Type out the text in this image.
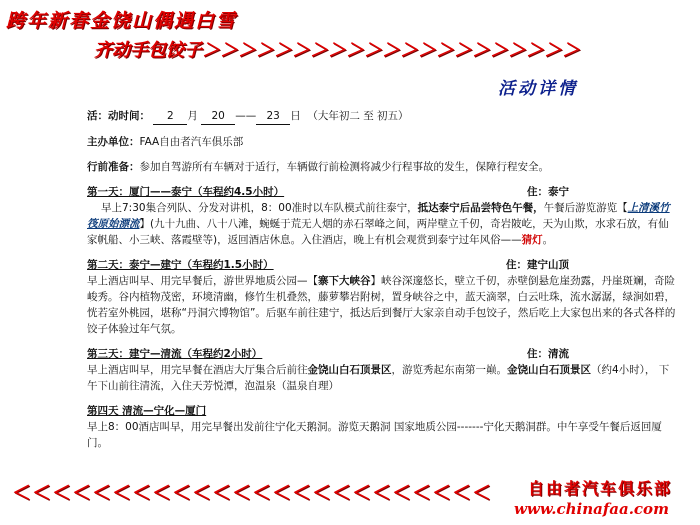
跨年新春金饶山偶遇白雪
齐动手包饺子＞＞＞＞＞＞＞＞＞＞＞＞＞＞＞＞＞＞＞＞＞
活动详情
活：动时间： 2 月 20 —— 23 日 （大年初二 至 初五）
主办单位：FAA自由者汽车俱乐部
行前准备：参加自驾游所有车辆对于适行，车辆做行前检测将减少行程事故的发生，保障行程安全。
第一天：厦门——泰宁（车程约4.5小时）	住：泰宁
早上7:30集合列队、分发对讲机，8：00准时以车队模式前往泰宁，抵达泰宁后品尝特色午餐，午餐后游览游览【上清溪竹筏原始漂流】(九十九曲、八十八滩，蜿蜒于荒无人烟的赤石翠峰之间，两岸壁立千仞，奇岩陂屹，天为山欺，水求石放，有仙家帆船、小三峡、落霞壁等)，返回酒店休息。入住酒店，晚上有机会观赏到泰宁过年风俗——猜灯。
第二天：泰宁—建宁（车程约1.5小时）	住：建宁山顶
早上酒店叫早、用完早餐后，游世界地质公园—【寨下大峡谷】峡谷深邃悠长，壁立千仞，赤壁倒悬危崖劲露，丹崖斑斓，奇险峻秀。谷内植物茂密，环境清幽，修竹生机叠然，藤萝攀岩附树，置身峡谷之中，蓝天滴翠，白云吐珠，流水潺潺，绿涧如碧，恍若室外桃园，堪称“丹洞穴博物馆”。后驱车前往建宁，抵达后到餐厅大家亲自动手包饺子，然后吃上大家包出来的各式各样的饺子体验过年气氛。
第三天：建宁—清流（车程约2小时）	住：清流
早上酒店叫早，用完早餐在酒店大厅集合后前往金饶山白石顶景区，游览秀起东南第一巅。金饶山白石顶景区（约4小时）， 下午下山前往清流，入住天芳悦潭，泡温泉（温泉自理）
第四天 清流—宁化—厦门
早上8：00酒店叫早，用完早餐出发前往宁化天鹅洞。游览天鹅洞 国家地质公园-------宁化天鹅洞群。中午享受午餐后返回厦门。
＜＜＜＜＜＜＜＜＜＜＜＜＜＜＜＜＜＜＜＜＜＜＜＜ 自由者汽车俱乐部
www.chinafaa.com
